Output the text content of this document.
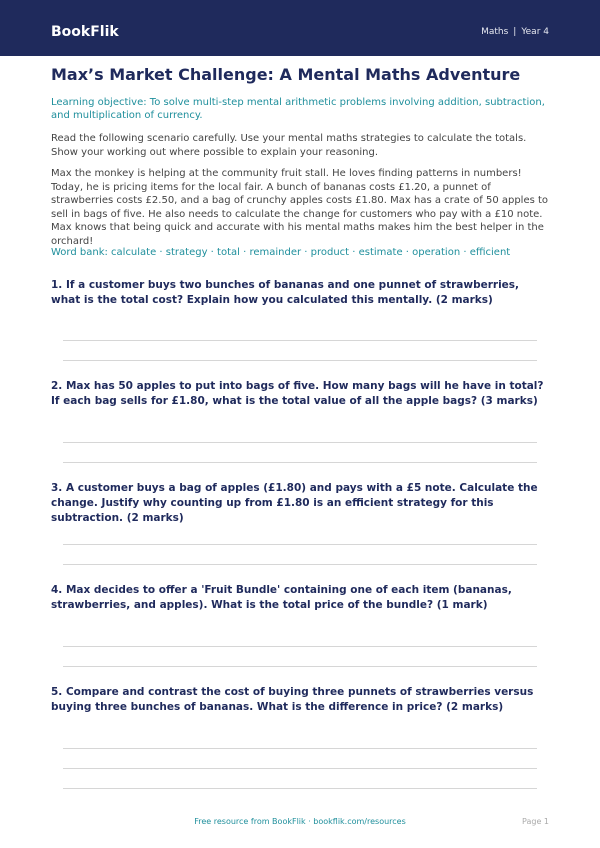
BookFlik	Maths | Year 4
Max’s Market Challenge: A Mental Maths Adventure
Learning objective: To solve multi-step mental arithmetic problems involving addition, subtraction, and multiplication of currency.
Read the following scenario carefully. Use your mental maths strategies to calculate the totals. Show your working out where possible to explain your reasoning.
Max the monkey is helping at the community fruit stall. He loves finding patterns in numbers! Today, he is pricing items for the local fair. A bunch of bananas costs £1.20, a punnet of strawberries costs £2.50, and a bag of crunchy apples costs £1.80. Max has a crate of 50 apples to sell in bags of five. He also needs to calculate the change for customers who pay with a £10 note. Max knows that being quick and accurate with his mental maths makes him the best helper in the orchard!
Word bank: calculate · strategy · total · remainder · product · estimate · operation · efficient
1. If a customer buys two bunches of bananas and one punnet of strawberries, what is the total cost? Explain how you calculated this mentally. (2 marks)
2. Max has 50 apples to put into bags of five. How many bags will he have in total? If each bag sells for £1.80, what is the total value of all the apple bags? (3 marks)
3. A customer buys a bag of apples (£1.80) and pays with a £5 note. Calculate the change. Justify why counting up from £1.80 is an efficient strategy for this subtraction. (2 marks)
4. Max decides to offer a 'Fruit Bundle' containing one of each item (bananas, strawberries, and apples). What is the total price of the bundle? (1 mark)
5. Compare and contrast the cost of buying three punnets of strawberries versus buying three bunches of bananas. What is the difference in price? (2 marks)
Free resource from BookFlik · bookflik.com/resources	Page 1
